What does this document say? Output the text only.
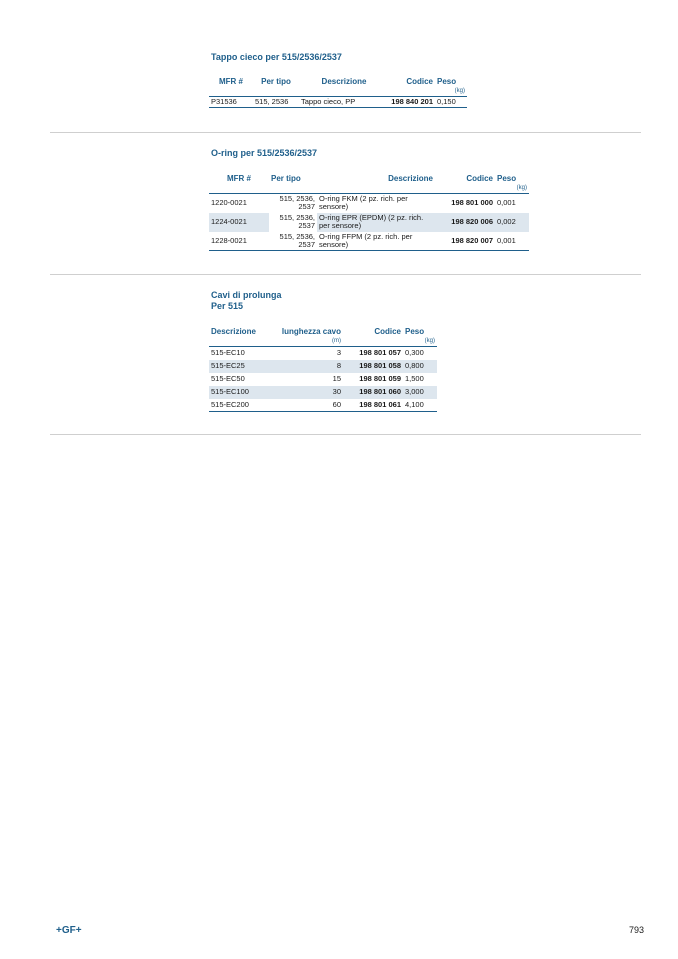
Tappo cieco per 515/2536/2537
MFR #	Per tipo	Descrizione	Codice	Peso
				(kg)
P31536	515, 2536	Tappo cieco, PP	198 840 201	0,150
O-ring per 515/2536/2537
MFR #	Per tipo	Descrizione	Codice	Peso
				(kg)
1220-0021	515, 2536, 2537	O-ring FKM (2 pz. rich. per sensore)	198 801 000	0,001
1224-0021	515, 2536, 2537	O-ring EPR (EPDM) (2 pz. rich. per sensore)	198 820 006	0,002
1228-0021	515, 2536, 2537	O-ring FFPM (2 pz. rich. per sensore)	198 820 007	0,001
Cavi di prolunga
Per 515
Descrizione	lunghezza cavo	Codice	Peso
	(m)		(kg)
515-EC10	3	198 801 057	0,300
515-EC25	8	198 801 058	0,800
515-EC50	15	198 801 059	1,500
515-EC100	30	198 801 060	3,000
515-EC200	60	198 801 061	4,100
+GF+	793
